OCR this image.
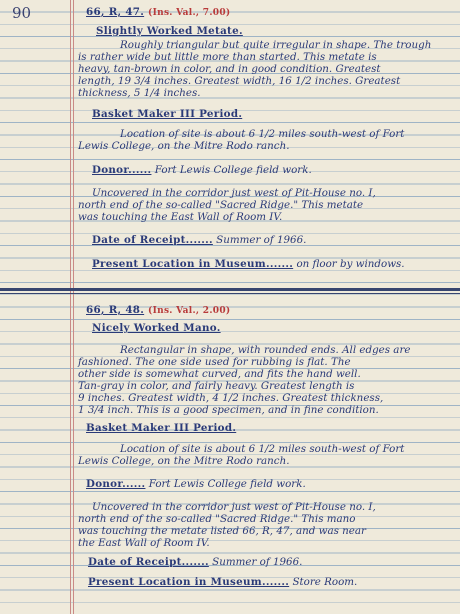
90	66, R, 47. (Ins. Val., 7.00)
Slightly Worked Metate.
Roughly triangular but quite irregular in shape. The trough
is rather wide but little more than started. This metate is
heavy, tan-brown in color, and in good condition. Greatest
length, 19 3/4 inches. Greatest width, 16 1/2 inches. Greatest
thickness, 5 1/4 inches.
Basket Maker III Period.
Location of site is about 6 1/2 miles south-west of Fort
Lewis College, on the Mitre Rodo ranch.
Donor...... Fort Lewis College field work.
Uncovered in the corridor just west of Pit-House no. I,
north end of the so-called "Sacred Ridge." This metate
was touching the East Wall of Room IV.
Date of Receipt....... Summer of 1966.
Present Location in Museum....... on floor by windows.
66, R, 48. (Ins. Val., 2.00)
Nicely Worked Mano.
Rectangular in shape, with rounded ends. All edges are
fashioned. The one side used for rubbing is flat. The
other side is somewhat curved, and fits the hand well.
Tan-gray in color, and fairly heavy. Greatest length is
9 inches. Greatest width, 4 1/2 inches. Greatest thickness,
1 3/4 inch. This is a good specimen, and in fine condition.
Basket Maker III Period.
Location of site is about 6 1/2 miles south-west of Fort
Lewis College, on the Mitre Rodo ranch.
Donor...... Fort Lewis College field work.
Uncovered in the corridor just west of Pit-House no. I,
north end of the so-called "Sacred Ridge." This mano
was touching the metate listed 66, R, 47, and was near
the East Wall of Room IV.
Date of Receipt....... Summer of 1966.
Present Location in Museum....... Store Room.
